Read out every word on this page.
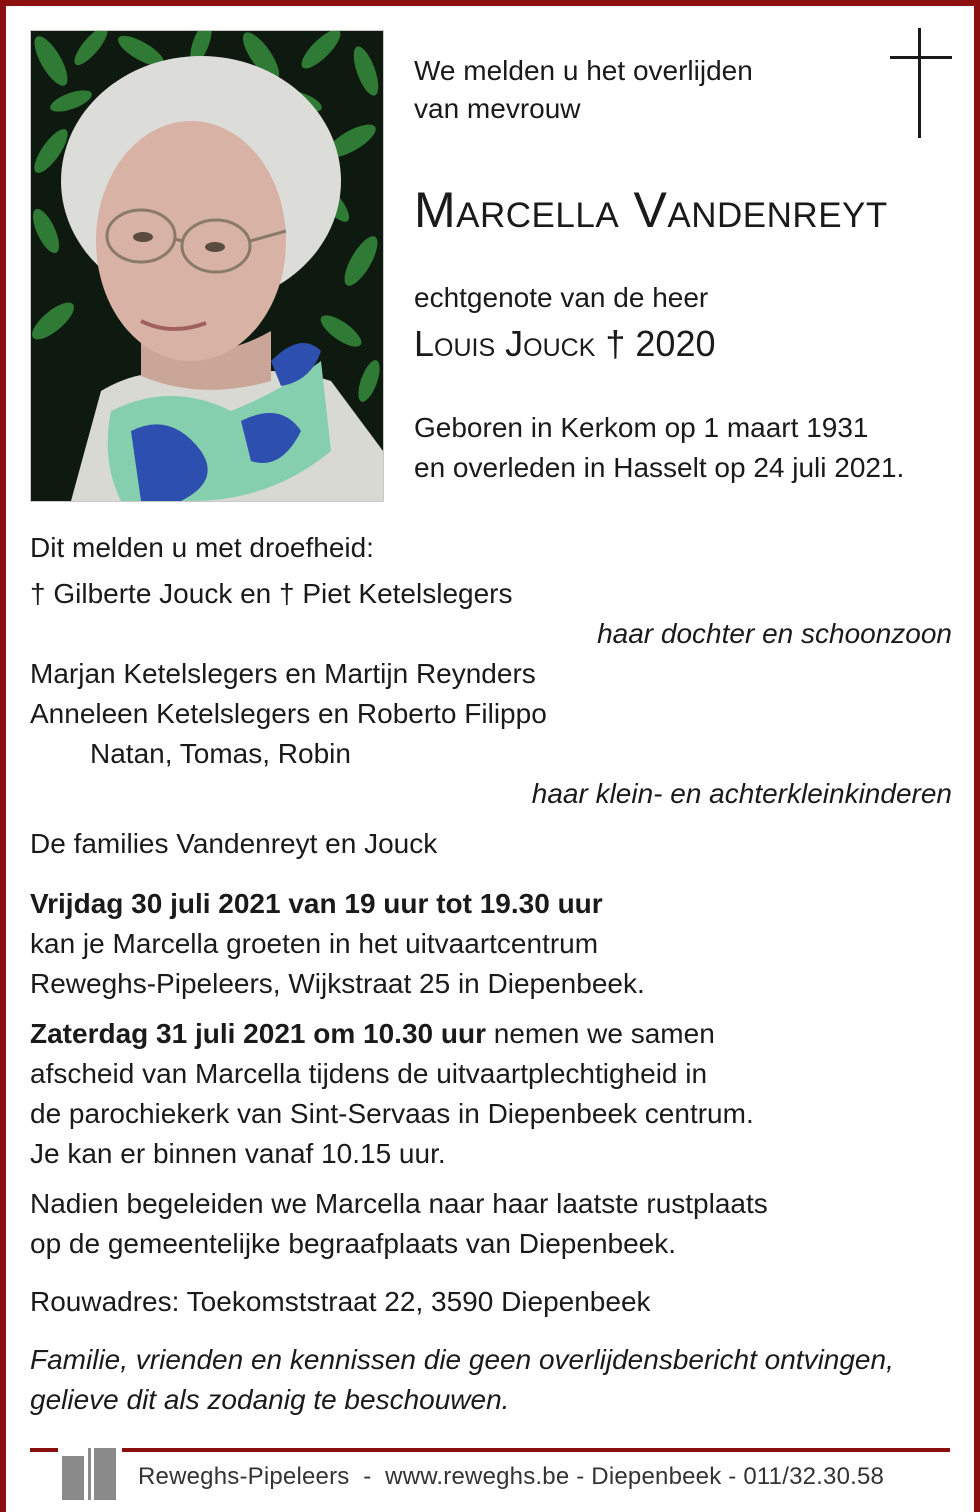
We melden u het overlijden
van mevrouw
Marcella Vandenreyt
echtgenote van de heer
Louis Jouck † 2020
Geboren in Kerkom op 1 maart 1931
en overleden in Hasselt op 24 juli 2021.
Dit melden u met droefheid:
† Gilberte Jouck en † Piet Ketelslegers
haar dochter en schoonzoon
Marjan Ketelslegers en Martijn Reynders
Anneleen Ketelslegers en Roberto Filippo
Natan, Tomas, Robin
haar klein- en achterkleinkinderen
De families Vandenreyt en Jouck
Vrijdag 30 juli 2021 van 19 uur tot 19.30 uur
kan je Marcella groeten in het uitvaartcentrum
Reweghs-Pipeleers, Wijkstraat 25 in Diepenbeek.
Zaterdag 31 juli 2021 om 10.30 uur nemen we samen
afscheid van Marcella tijdens de uitvaartplechtigheid in
de parochiekerk van Sint-Servaas in Diepenbeek centrum.
Je kan er binnen vanaf 10.15 uur.
Nadien begeleiden we Marcella naar haar laatste rustplaats
op de gemeentelijke begraafplaats van Diepenbeek.
Rouwadres: Toekomststraat 22, 3590 Diepenbeek
Familie, vrienden en kennissen die geen overlijdensbericht ontvingen,
gelieve dit als zodanig te beschouwen.
Reweghs-Pipeleers  -  www.reweghs.be - Diepenbeek - 011/32.30.58
